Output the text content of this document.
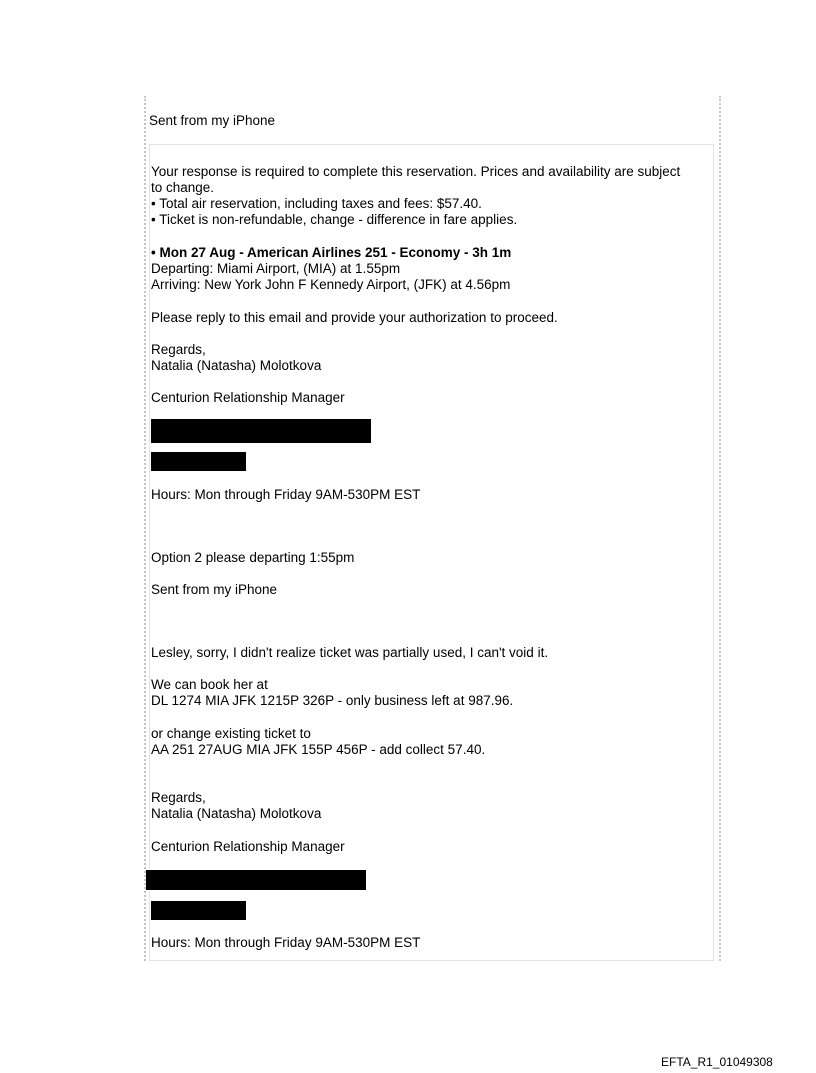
Sent from my iPhone
Your response is required to complete this reservation. Prices and availability are subject
to change.
• Total air reservation, including taxes and fees: $57.40.
• Ticket is non-refundable, change - difference in fare applies.
• Mon 27 Aug - American Airlines 251 - Economy - 3h 1m
Departing: Miami Airport, (MIA) at 1.55pm
Arriving: New York John F Kennedy Airport, (JFK) at 4.56pm
Please reply to this email and provide your authorization to proceed.
Regards,
Natalia (Natasha) Molotkova
Centurion Relationship Manager
Hours: Mon through Friday 9AM-530PM EST
Option 2 please departing 1:55pm
Sent from my iPhone
Lesley, sorry, I didn't realize ticket was partially used, I can't void it.
We can book her at
DL 1274 MIA JFK 1215P 326P - only business left at 987.96.
or change existing ticket to
AA 251 27AUG MIA JFK 155P 456P - add collect 57.40.
Regards,
Natalia (Natasha) Molotkova
Centurion Relationship Manager
Hours: Mon through Friday 9AM-530PM EST
EFTA_R1_01049308
